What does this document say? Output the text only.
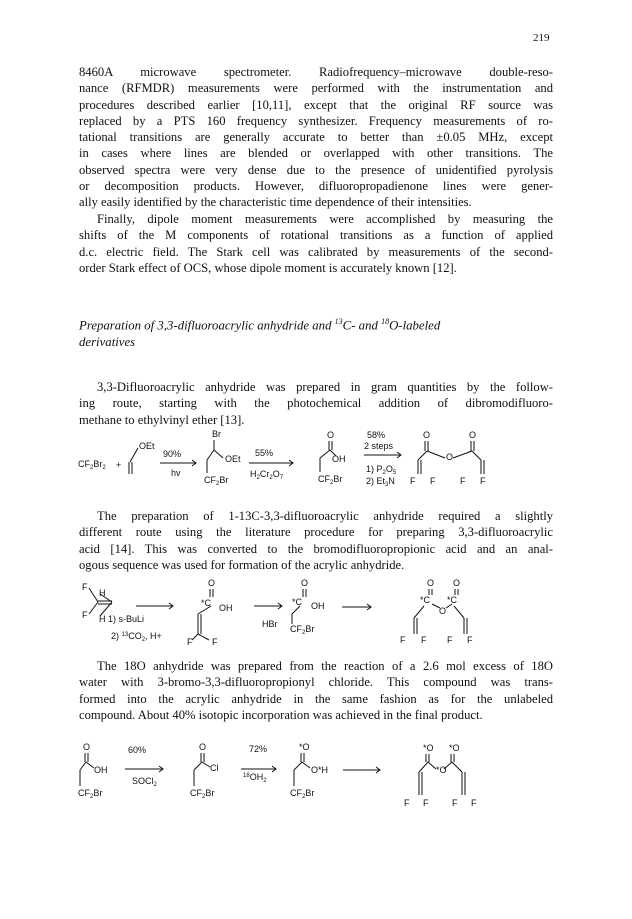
219
8460A microwave spectrometer. Radiofrequency–microwave double-reso-
nance (RFMDR) measurements were performed with the instrumentation and
procedures described earlier [10,11], except that the original RF source was
replaced by a PTS 160 frequency synthesizer. Frequency measurements of ro-
tational transitions are generally accurate to better than ±0.05 MHz, except
in cases where lines are blended or overlapped with other transitions. The
observed spectra were very dense due to the presence of unidentified pyrolysis
or decomposition products. However, difluoropropadienone lines were gener-
ally easily identified by the characteristic time dependence of their intensities.
Finally, dipole moment measurements were accomplished by measuring the
shifts of the M components of rotational transitions as a function of applied
d.c. electric field. The Stark cell was calibrated by measurements of the second-
order Stark effect of OCS, whose dipole moment is accurately known [12].
Preparation of 3,3-difluoroacrylic anhydride and $^{13}$C- and $^{18}$O-labeled
derivatives
3,3-Difluoroacrylic anhydride was prepared in gram quantities by the follow-
ing route, starting with the photochemical addition of dibromodifluoro-
methane to ethylvinyl ether [13].
$CF_2Br_2$ +
OEt
90%
hv
Br
OEt
$CF_2Br$
55%
$H_2Cr_2O_7$
O
OH
$CF_2Br$
58%
2 steps
1) $P_2O_5$
2) $Et_3N$
O
O
O
F F	F F
The preparation of 1-13C-3,3-difluoroacrylic anhydride required a slightly
different route using the literature procedure for preparing 3,3-difluoroacrylic
acid [14]. This was converted to the bromodifluoropropionic acid and an anal-
ogous sequence was used for formation of the acrylic anhydride.
F
H
F H 1) s-BuLi
2) $^{13}CO_2$, H+
O
*C OH
F F
HBr
O
*C OH
$CF_2Br$
O O
*C *C
O
F F F F
The 18O anhydride was prepared from the reaction of a 2.6 mol excess of 18O
water with 3-bromo-3,3-difluoropropionyl chloride. This compound was trans-
formed into the acrylic anhydride in the same fashion as for the unlabeled
compound. About 40% isotopic incorporation was achieved in the final product.
O
OH
$CF_2Br$
60%
SOCl$_2$
O
Cl
$CF_2Br$
72%
$^{18}OH_2$
*O
O*H
$CF_2Br$
*O *O
*O
F F	F F
